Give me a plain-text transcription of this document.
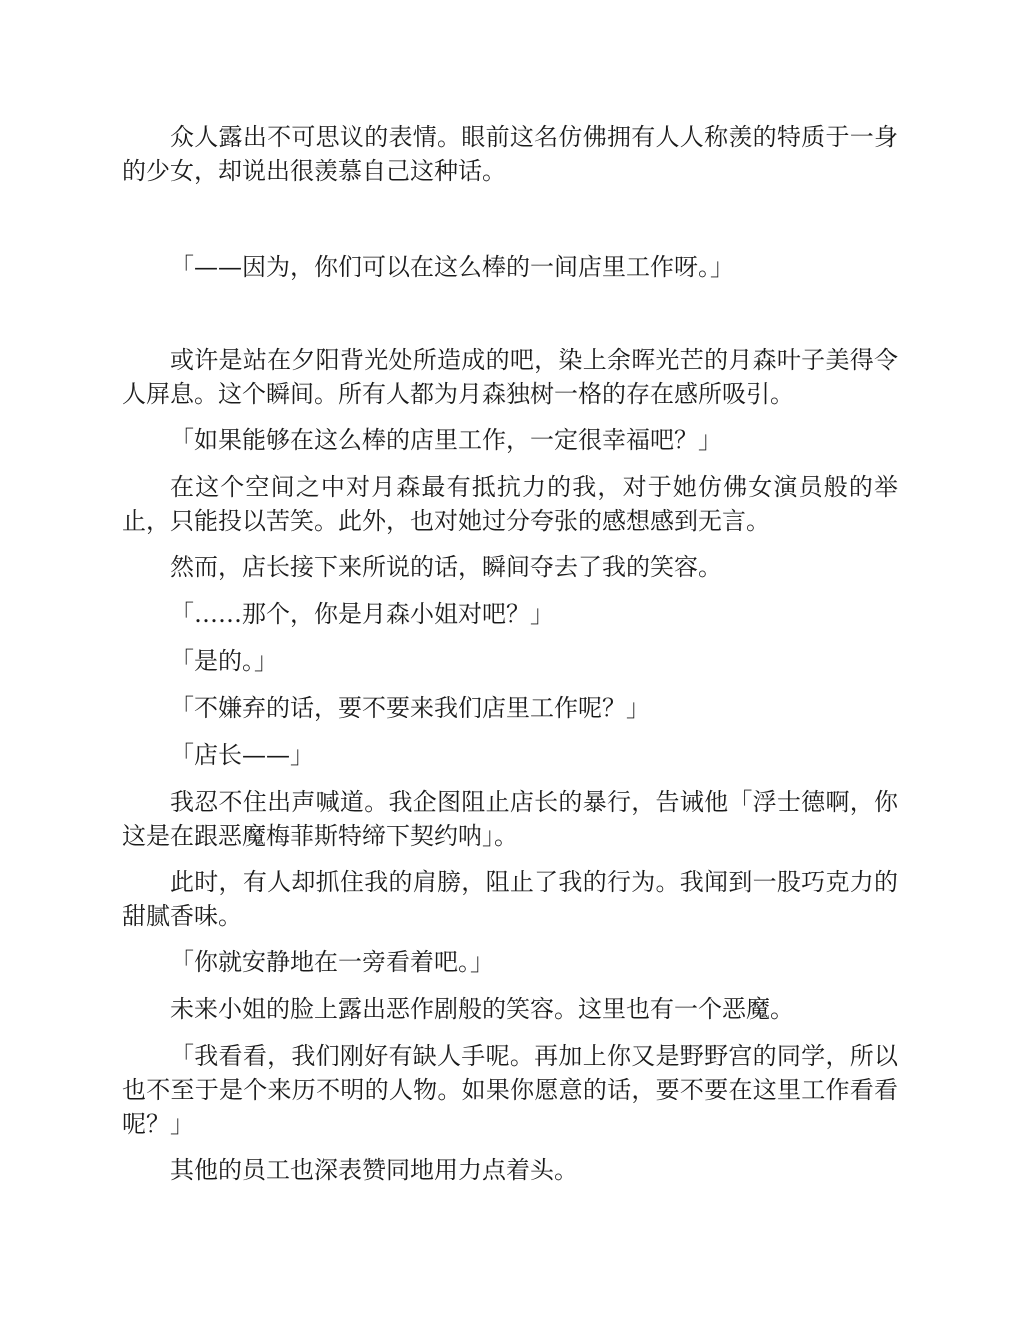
众人露出不可思议的表情。眼前这名仿佛拥有人人称羡的特质于一身的少女，却说出很羡慕自己这种话。

「——因为，你们可以在这么棒的一间店里工作呀。」

或许是站在夕阳背光处所造成的吧，染上余晖光芒的月森叶子美得令人屏息。这个瞬间。所有人都为月森独树一格的存在感所吸引。

「如果能够在这么棒的店里工作，一定很幸福吧？」

在这个空间之中对月森最有抵抗力的我，对于她仿佛女演员般的举止，只能投以苦笑。此外，也对她过分夸张的感想感到无言。

然而，店长接下来所说的话，瞬间夺去了我的笑容。

「……那个，你是月森小姐对吧？」

「是的。」

「不嫌弃的话，要不要来我们店里工作呢？」

「店长——」

我忍不住出声喊道。我企图阻止店长的暴行，告诫他「浮士德啊，你这是在跟恶魔梅菲斯特缔下契约呐」。

此时，有人却抓住我的肩膀，阻止了我的行为。我闻到一股巧克力的甜腻香味。

「你就安静地在一旁看着吧。」

未来小姐的脸上露出恶作剧般的笑容。这里也有一个恶魔。

「我看看，我们刚好有缺人手呢。再加上你又是野野宫的同学，所以也不至于是个来历不明的人物。如果你愿意的话，要不要在这里工作看看呢？」

其他的员工也深表赞同地用力点着头。
